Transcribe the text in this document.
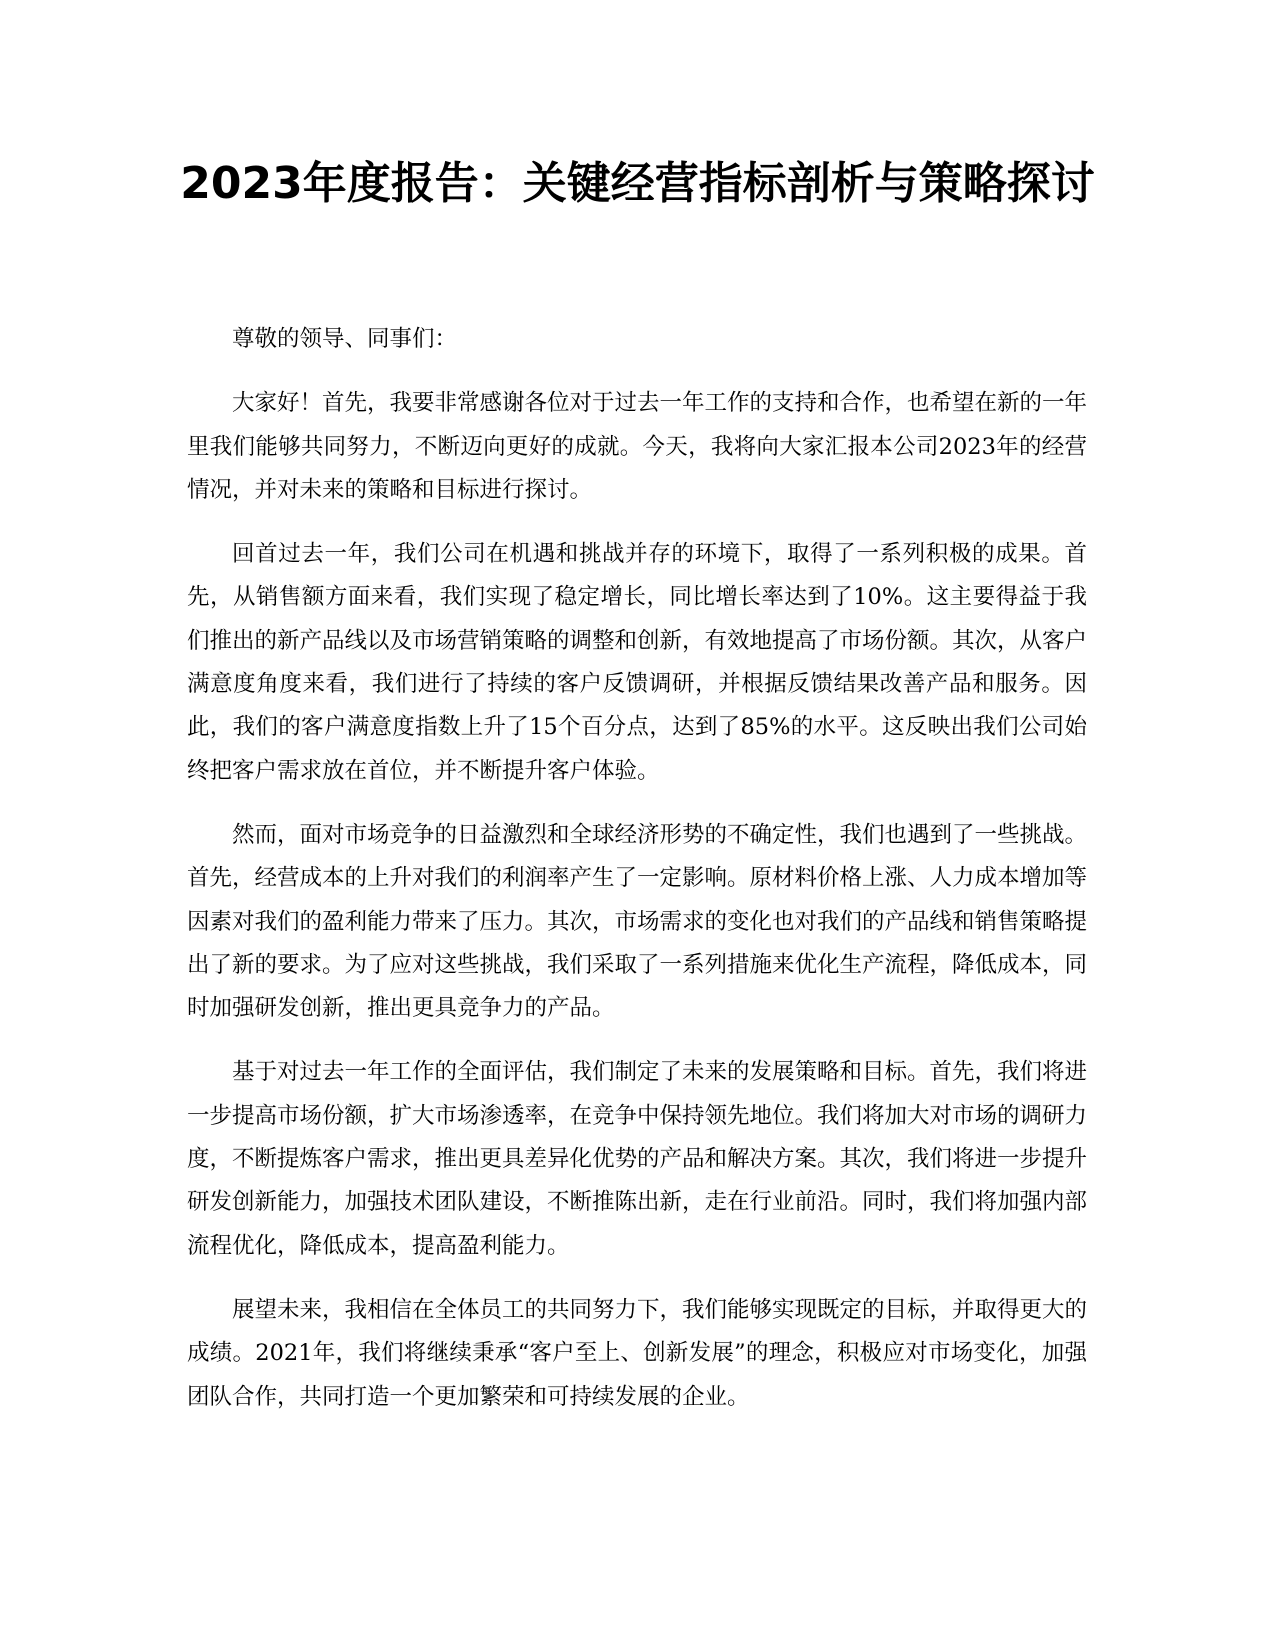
2023年度报告：关键经营指标剖析与策略探讨

尊敬的领导、同事们：

大家好！首先，我要非常感谢各位对于过去一年工作的支持和合作，也希望在新的一年里我们能够共同努力，不断迈向更好的成就。今天，我将向大家汇报本公司2023年的经营情况，并对未来的策略和目标进行探讨。

回首过去一年，我们公司在机遇和挑战并存的环境下，取得了一系列积极的成果。首先，从销售额方面来看，我们实现了稳定增长，同比增长率达到了10%。这主要得益于我们推出的新产品线以及市场营销策略的调整和创新，有效地提高了市场份额。其次，从客户满意度角度来看，我们进行了持续的客户反馈调研，并根据反馈结果改善产品和服务。因此，我们的客户满意度指数上升了15个百分点，达到了85%的水平。这反映出我们公司始终把客户需求放在首位，并不断提升客户体验。

然而，面对市场竞争的日益激烈和全球经济形势的不确定性，我们也遇到了一些挑战。首先，经营成本的上升对我们的利润率产生了一定影响。原材料价格上涨、人力成本增加等因素对我们的盈利能力带来了压力。其次，市场需求的变化也对我们的产品线和销售策略提出了新的要求。为了应对这些挑战，我们采取了一系列措施来优化生产流程，降低成本，同时加强研发创新，推出更具竞争力的产品。

基于对过去一年工作的全面评估，我们制定了未来的发展策略和目标。首先，我们将进一步提高市场份额，扩大市场渗透率，在竞争中保持领先地位。我们将加大对市场的调研力度，不断提炼客户需求，推出更具差异化优势的产品和解决方案。其次，我们将进一步提升研发创新能力，加强技术团队建设，不断推陈出新，走在行业前沿。同时，我们将加强内部流程优化，降低成本，提高盈利能力。

展望未来，我相信在全体员工的共同努力下，我们能够实现既定的目标，并取得更大的成绩。2021年，我们将继续秉承“客户至上、创新发展”的理念，积极应对市场变化，加强团队合作，共同打造一个更加繁荣和可持续发展的企业。
